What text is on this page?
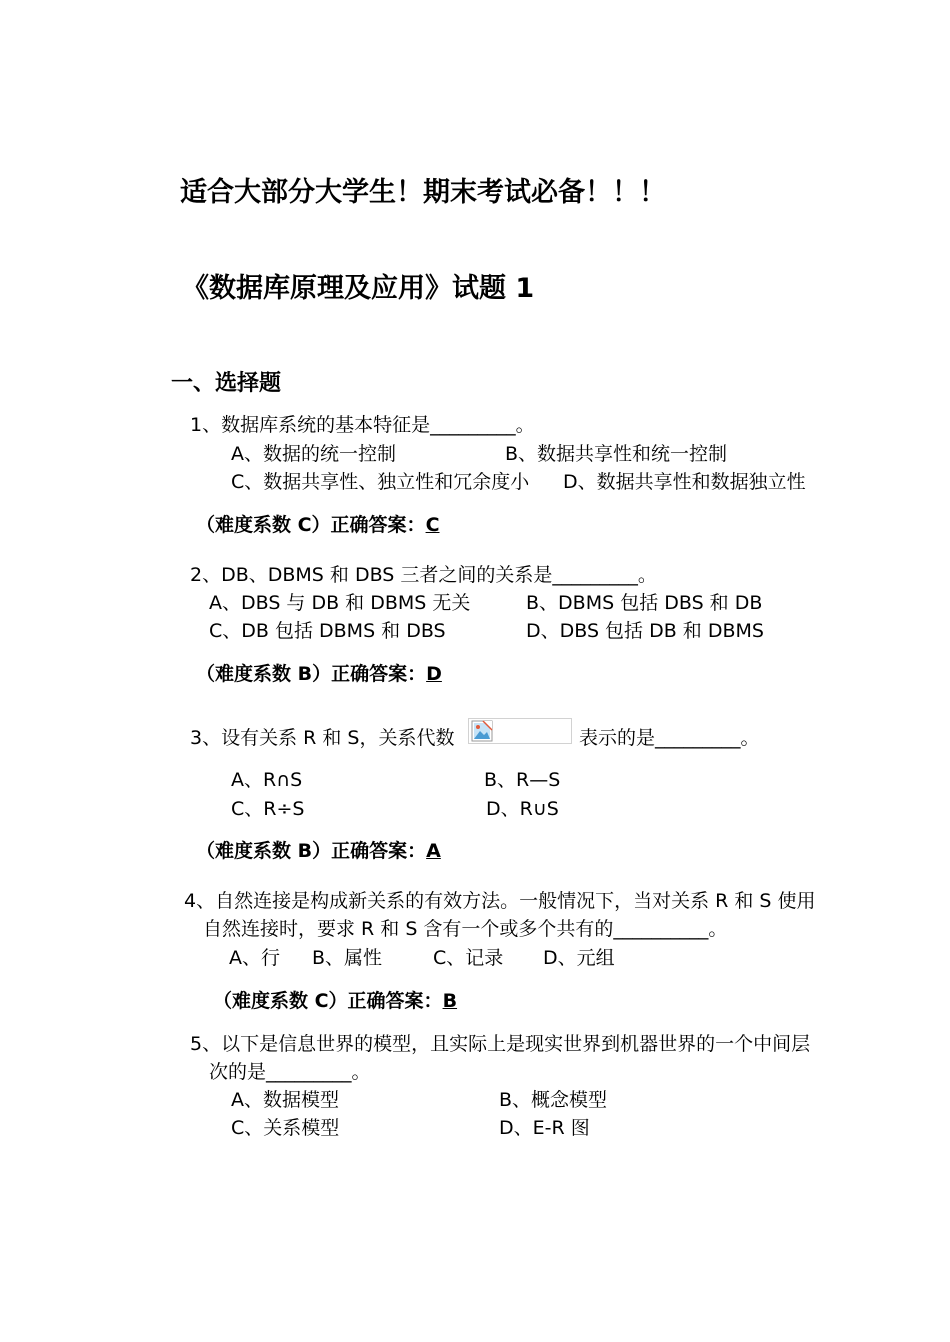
适合大部分大学生！期末考试必备！！！
《数据库原理及应用》试题 1
一、选择题
1、数据库系统的基本特征是_________。
A、数据的统一控制	B、数据共享性和统一控制
C、数据共享性、独立性和冗余度小 D、数据共享性和数据独立性
（难度系数 C）正确答案：C
2、DB、DBMS 和 DBS 三者之间的关系是_________。
A、DBS 与 DB 和 DBMS 无关	B、DBMS 包括 DBS 和 DB
C、DB 包括 DBMS 和 DBS	D、DBS 包括 DB 和 DBMS
（难度系数 B）正确答案：D
3、设有关系 R 和 S，关系代数	表示的是_________。
A、R∩S	B、R—S
C、R÷S	D、R∪S
（难度系数 B）正确答案：A
4、自然连接是构成新关系的有效方法。一般情况下，当对关系 R 和 S 使用
自然连接时，要求 R 和 S 含有一个或多个共有的__________。
A、行 B、属性	C、记录 D、元组
（难度系数 C）正确答案：B
5、以下是信息世界的模型，且实际上是现实世界到机器世界的一个中间层
次的是_________。
A、数据模型	B、概念模型
C、关系模型	D、E-R 图
